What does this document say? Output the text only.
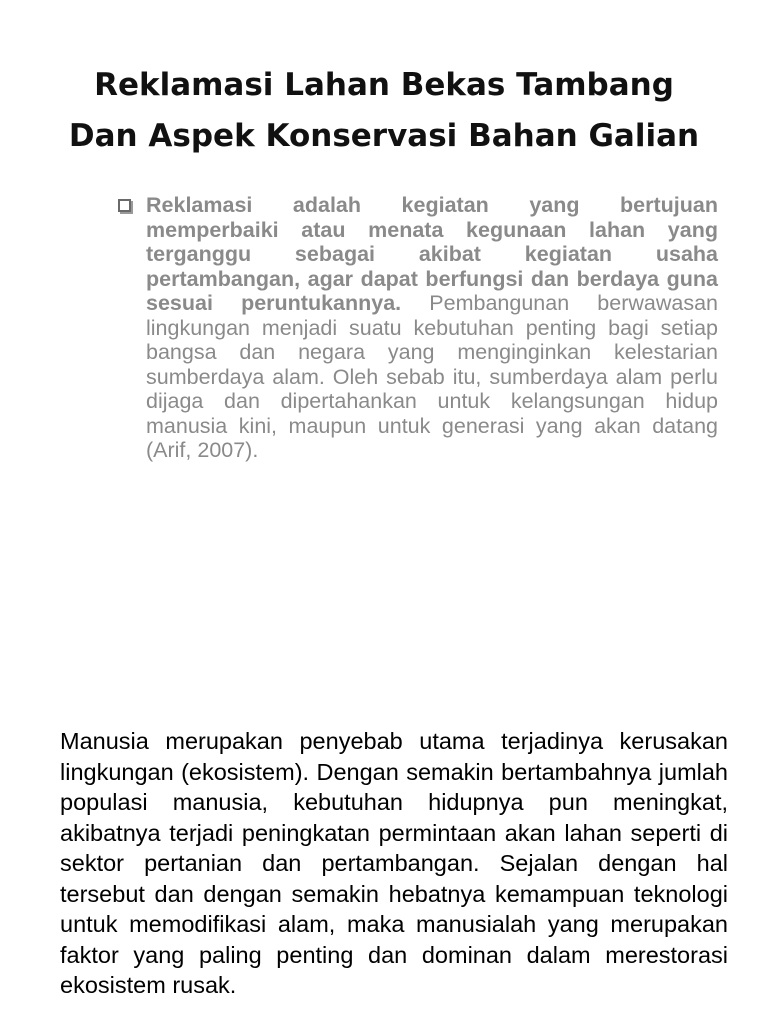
Reklamasi Lahan Bekas Tambang
Dan Aspek Konservasi Bahan Galian
Reklamasi adalah kegiatan yang bertujuan memperbaiki atau menata kegunaan lahan yang terganggu sebagai akibat kegiatan usaha pertambangan, agar dapat berfungsi dan berdaya guna sesuai peruntukannya. Pembangunan berwawasan lingkungan menjadi suatu kebutuhan penting bagi setiap bangsa dan negara yang menginginkan kelestarian sumberdaya alam. Oleh sebab itu, sumberdaya alam perlu dijaga dan dipertahankan untuk kelangsungan hidup manusia kini, maupun untuk generasi yang akan datang (Arif, 2007).

Manusia merupakan penyebab utama terjadinya kerusakan lingkungan (ekosistem). Dengan semakin bertambahnya jumlah populasi manusia, kebutuhan hidupnya pun meningkat, akibatnya terjadi peningkatan permintaan akan lahan seperti di sektor pertanian dan pertambangan. Sejalan dengan hal tersebut dan dengan semakin hebatnya kemampuan teknologi untuk memodifikasi alam, maka manusialah yang merupakan faktor yang paling penting dan dominan dalam merestorasi ekosistem rusak.
